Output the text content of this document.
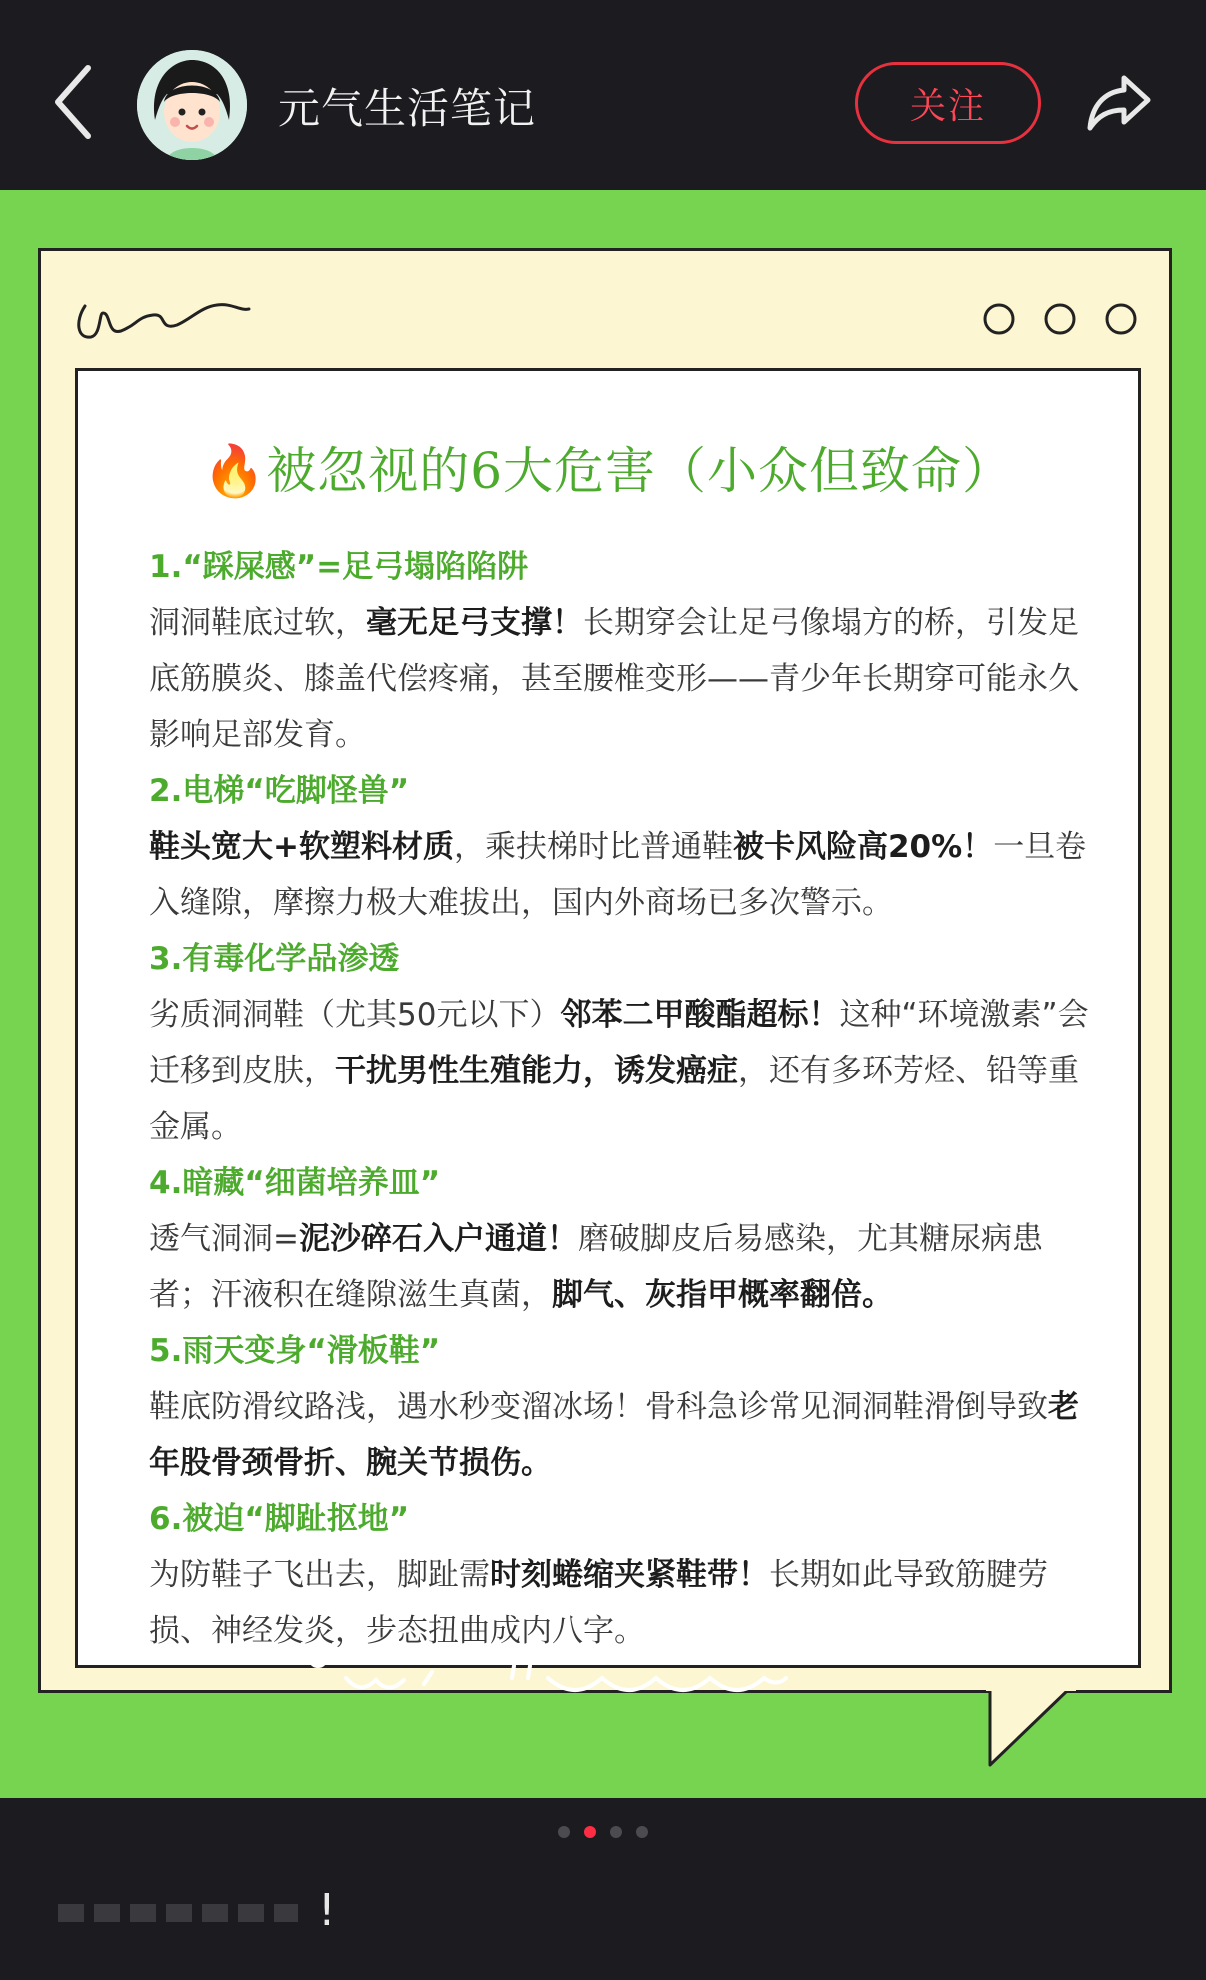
元气生活笔记	关注
🔥被忽视的6大危害（小众但致命）
1.“踩屎感”=足弓塌陷陷阱

洞洞鞋底过软，毫无足弓支撑！长期穿会让足弓像塌方的桥，引发足底筋膜炎、膝盖代偿疼痛，甚至腰椎变形——青少年长期穿可能永久影响足部发育。

2.电梯“吃脚怪兽”

鞋头宽大+软塑料材质，乘扶梯时比普通鞋被卡风险高20%！一旦卷入缝隙，摩擦力极大难拔出，国内外商场已多次警示。

3.有毒化学品渗透

劣质洞洞鞋（尤其50元以下）邻苯二甲酸酯超标！这种“环境激素”会迁移到皮肤，干扰男性生殖能力，诱发癌症，还有多环芳烃、铅等重金属。

4.暗藏“细菌培养皿”

透气洞洞=泥沙碎石入户通道！磨破脚皮后易感染，尤其糖尿病患者；汗液积在缝隙滋生真菌，脚气、灰指甲概率翻倍。

5.雨天变身“滑板鞋”

鞋底防滑纹路浅，遇水秒变溜冰场！骨科急诊常见洞洞鞋滑倒导致老年股骨颈骨折、腕关节损伤。

6.被迫“脚趾抠地”

为防鞋子飞出去，脚趾需时刻蜷缩夹紧鞋带！长期如此导致筋腱劳损、神经发炎，步态扭曲成内八字。

!
